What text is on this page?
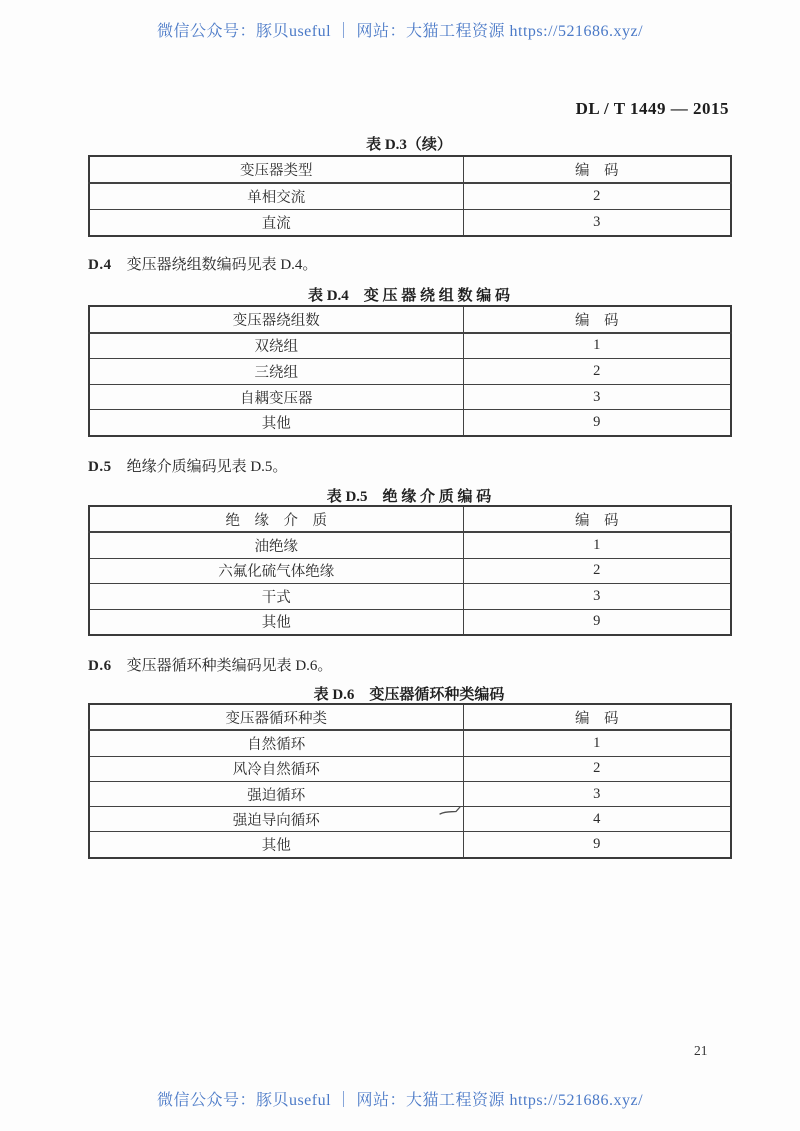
微信公众号：豚贝useful ｜ 网站：大猫工程资源 https://521686.xyz/
DL / T 1449 — 2015
表 D.3（续）
变压器类型	编　码
单相交流	2
直流	3
D.4 变压器绕组数编码见表 D.4。
表 D.4　变 压 器 绕 组 数 编 码
变压器绕组数	编　码
双绕组	1
三绕组	2
自耦变压器	3
其他	9
D.5 绝缘介质编码见表 D.5。
表 D.5　绝 缘 介 质 编 码
绝　缘　介　质	编　码
油绝缘	1
六氟化硫气体绝缘	2
干式	3
其他	9
D.6 变压器循环种类编码见表 D.6。
表 D.6　变压器循环种类编码
变压器循环种类	编　码
自然循环	1
风冷自然循环	2
强迫循环	3
强迫导向循环	4
其他	9
21
微信公众号：豚贝useful ｜ 网站：大猫工程资源 https://521686.xyz/
